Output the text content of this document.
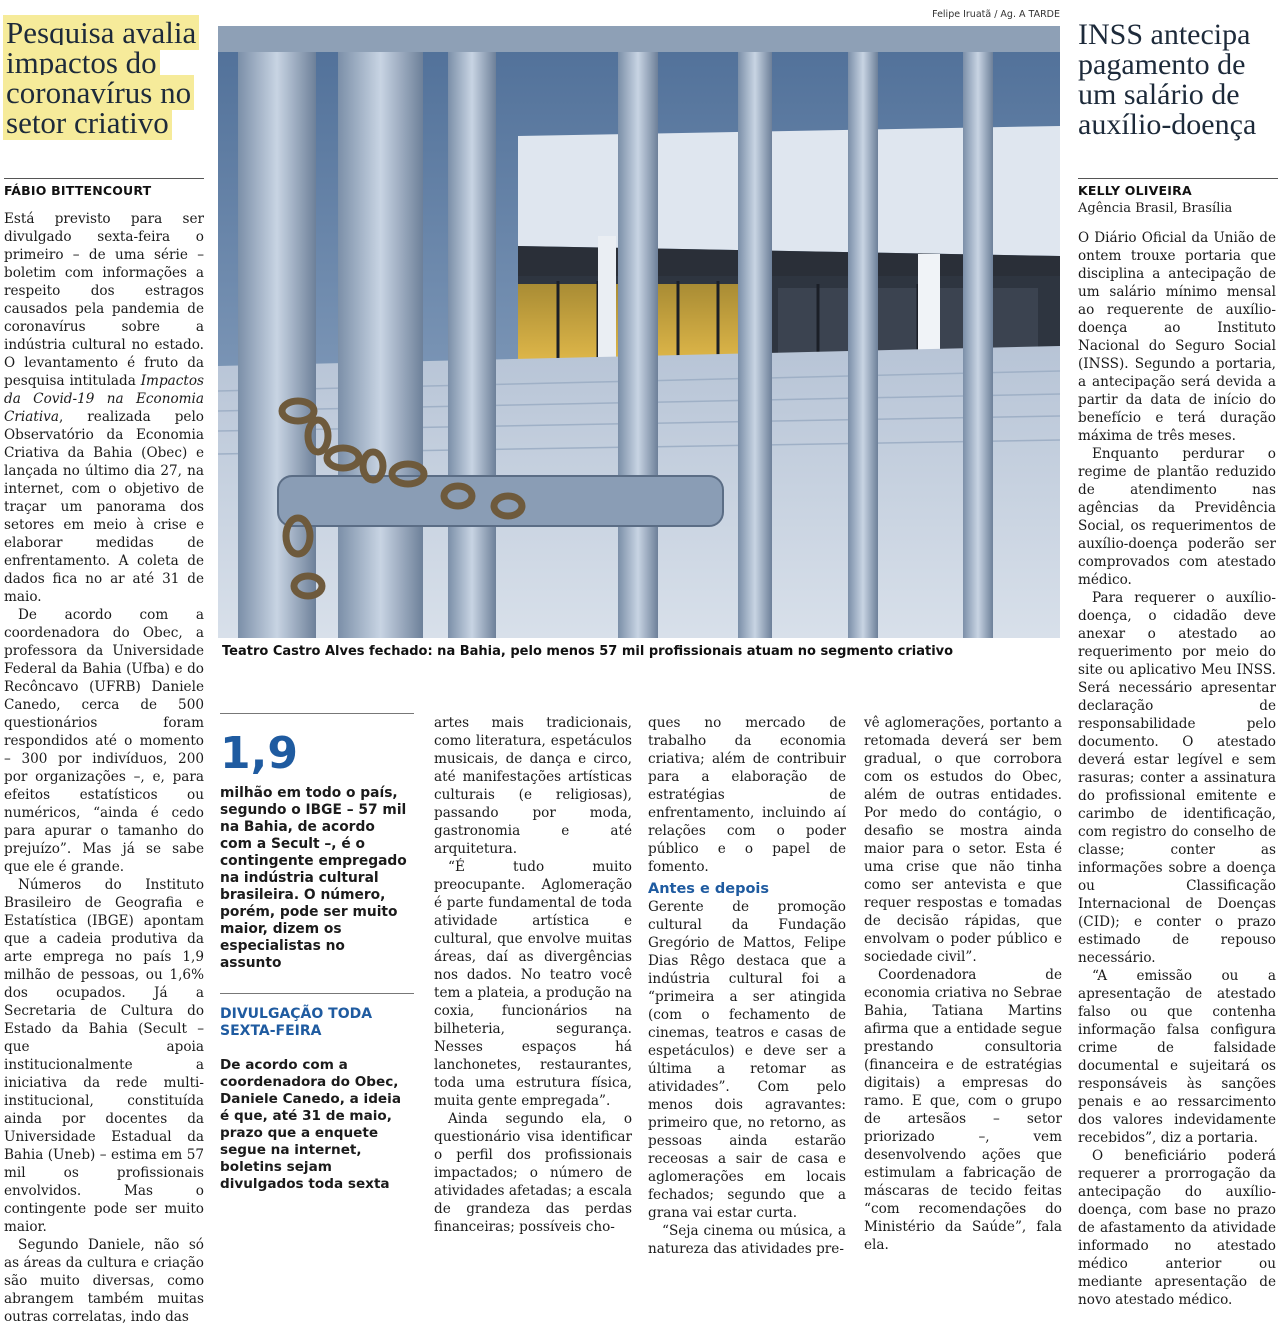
Pesquisa avalia impactos do coronavírus no setor criativo
FÁBIO BITTENCOURT

Está previsto para ser divulgado sexta-feira o primeiro – de uma série – boletim com informações a respeito dos estragos causados pela pandemia de coronavírus sobre a indústria cultural no estado. O levantamento é fruto da pesquisa intitulada Impactos da Covid-19 na Economia Criativa, realizada pelo Observatório da Economia Criativa da Bahia (Obec) e lançada no último dia 27, na internet, com o objetivo de traçar um panorama dos setores em meio à crise e elaborar medidas de enfrentamento. A coleta de dados fica no ar até 31 de maio.

De acordo com a coordenadora do Obec, a professora da Universidade Federal da Bahia (Ufba) e do Recôncavo (UFRB) Daniele Canedo, cerca de 500 questionários foram respondidos até o momento – 300 por indivíduos, 200 por organizações –, e, para efeitos estatísticos ou numéricos, “ainda é cedo para apurar o tamanho do prejuízo”. Mas já se sabe que ele é grande.

Números do Instituto Brasileiro de Geografia e Estatística (IBGE) apontam que a cadeia produtiva da arte emprega no país 1,9 milhão de pessoas, ou 1,6% dos ocupados. Já a Secretaria de Cultura do Estado da Bahia (Secult – que apoia institucionalmente a iniciativa da rede multi-institucional, constituída ainda por docentes da Universidade Estadual da Bahia (Uneb) – estima em 57 mil os profissionais envolvidos. Mas o contingente pode ser muito maior.

Segundo Daniele, não só as áreas da cultura e criação são muito diversas, como abrangem também muitas outras correlatas, indo das

Felipe Iruatã / Ag. A TARDE
Teatro Castro Alves fechado: na Bahia, pelo menos 57 mil profissionais atuam no segmento criativo
1,9
milhão em todo o país, segundo o IBGE – 57 mil na Bahia, de acordo com a Secult –, é o contingente empregado na indústria cultural brasileira. O número, porém, pode ser muito maior, dizem os especialistas no assunto
DIVULGAÇÃO TODA SEXTA-FEIRA
De acordo com a coordenadora do Obec, Daniele Canedo, a ideia é que, até 31 de maio, prazo que a enquete segue na internet, boletins sejam divulgados toda sexta

artes mais tradicionais, como literatura, espetáculos musicais, de dança e circo, até manifestações artísticas culturais (e religiosas), passando por moda, gastronomia e até arquitetura.

“É tudo muito preocupante. Aglomeração é parte fundamental de toda atividade artística e cultural, que envolve muitas áreas, daí as divergências nos dados. No teatro você tem a plateia, a produção na coxia, funcionários na bilheteria, segurança. Nesses espaços há lanchonetes, restaurantes, toda uma estrutura física, muita gente empregada”.

Ainda segundo ela, o questionário visa identificar o perfil dos profissionais impactados; o número de atividades afetadas; a escala de grandeza das perdas financeiras; possíveis cho-

ques no mercado de trabalho da economia criativa; além de contribuir para a elaboração de estratégias de enfrentamento, incluindo aí relações com o poder público e o papel de fomento.

Antes e depois

Gerente de promoção cultural da Fundação Gregório de Mattos, Felipe Dias Rêgo destaca que a indústria cultural foi a “primeira a ser atingida (com o fechamento de cinemas, teatros e casas de espetáculos) e deve ser a última a retomar as atividades”. Com pelo menos dois agravantes: primeiro que, no retorno, as pessoas ainda estarão receosas a sair de casa e aglomerações em locais fechados; segundo que a grana vai estar curta.

“Seja cinema ou música, a natureza das atividades pre-

vê aglomerações, portanto a retomada deverá ser bem gradual, o que corrobora com os estudos do Obec, além de outras entidades. Por medo do contágio, o desafio se mostra ainda maior para o setor. Esta é uma crise que não tinha como ser antevista e que requer respostas e tomadas de decisão rápidas, que envolvam o poder público e sociedade civil”.

Coordenadora de economia criativa no Sebrae Bahia, Tatiana Martins afirma que a entidade segue prestando consultoria (financeira e de estratégias digitais) a empresas do ramo. E que, com o grupo de artesãos – setor priorizado –, vem desenvolvendo ações que estimulam a fabricação de máscaras de tecido feitas “com recomendações do Ministério da Saúde”, fala ela.

INSS antecipa pagamento de um salário de auxílio-doença
KELLY OLIVEIRA
Agência Brasil, Brasília

O Diário Oficial da União de ontem trouxe portaria que disciplina a antecipação de um salário mínimo mensal ao requerente de auxílio-doença ao Instituto Nacional do Seguro Social (INSS). Segundo a portaria, a antecipação será devida a partir da data de início do benefício e terá duração máxima de três meses.

Enquanto perdurar o regime de plantão reduzido de atendimento nas agências da Previdência Social, os requerimentos de auxílio-doença poderão ser comprovados com atestado médico.

Para requerer o auxílio-doença, o cidadão deve anexar o atestado ao requerimento por meio do site ou aplicativo Meu INSS. Será necessário apresentar declaração de responsabilidade pelo documento. O atestado deverá estar legível e sem rasuras; conter a assinatura do profissional emitente e carimbo de identificação, com registro do conselho de classe; conter as informações sobre a doença ou Classificação Internacional de Doenças (CID); e conter o prazo estimado de repouso necessário.

“A emissão ou a apresentação de atestado falso ou que contenha informação falsa configura crime de falsidade documental e sujeitará os responsáveis às sanções penais e ao ressarcimento dos valores indevidamente recebidos”, diz a portaria.

O beneficiário poderá requerer a prorrogação da antecipação do auxílio-doença, com base no prazo de afastamento da atividade informado no atestado médico anterior ou mediante apresentação de novo atestado médico.
